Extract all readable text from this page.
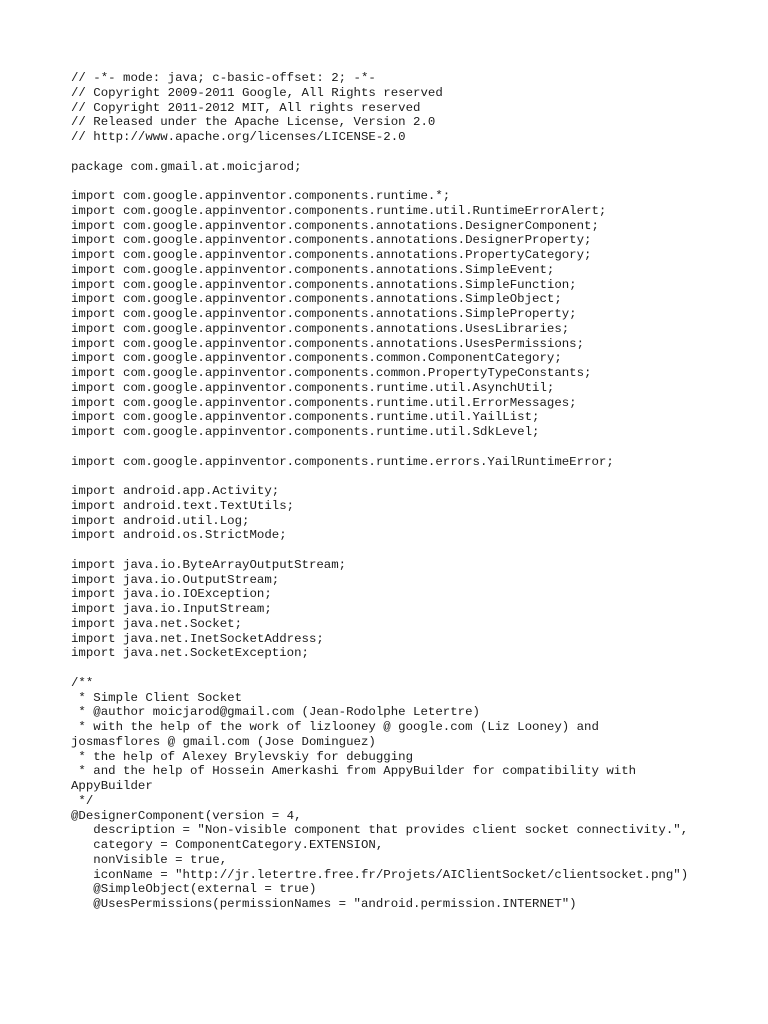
// -*- mode: java; c-basic-offset: 2; -*-
// Copyright 2009-2011 Google, All Rights reserved
// Copyright 2011-2012 MIT, All rights reserved
// Released under the Apache License, Version 2.0
// http://www.apache.org/licenses/LICENSE-2.0
package com.gmail.at.moicjarod;
import com.google.appinventor.components.runtime.*;
import com.google.appinventor.components.runtime.util.RuntimeErrorAlert;
import com.google.appinventor.components.annotations.DesignerComponent;
import com.google.appinventor.components.annotations.DesignerProperty;
import com.google.appinventor.components.annotations.PropertyCategory;
import com.google.appinventor.components.annotations.SimpleEvent;
import com.google.appinventor.components.annotations.SimpleFunction;
import com.google.appinventor.components.annotations.SimpleObject;
import com.google.appinventor.components.annotations.SimpleProperty;
import com.google.appinventor.components.annotations.UsesLibraries;
import com.google.appinventor.components.annotations.UsesPermissions;
import com.google.appinventor.components.common.ComponentCategory;
import com.google.appinventor.components.common.PropertyTypeConstants;
import com.google.appinventor.components.runtime.util.AsynchUtil;
import com.google.appinventor.components.runtime.util.ErrorMessages;
import com.google.appinventor.components.runtime.util.YailList;
import com.google.appinventor.components.runtime.util.SdkLevel;
import com.google.appinventor.components.runtime.errors.YailRuntimeError;
import android.app.Activity;
import android.text.TextUtils;
import android.util.Log;
import android.os.StrictMode;
import java.io.ByteArrayOutputStream;
import java.io.OutputStream;
import java.io.IOException;
import java.io.InputStream;
import java.net.Socket;
import java.net.InetSocketAddress;
import java.net.SocketException;
/**
* Simple Client Socket
* @author moicjarod@gmail.com (Jean-Rodolphe Letertre)
* with the help of the work of lizlooney @ google.com (Liz Looney) and
josmasflores @ gmail.com (Jose Dominguez)
* the help of Alexey Brylevskiy for debugging
* and the help of Hossein Amerkashi from AppyBuilder for compatibility with
AppyBuilder
*/
@DesignerComponent(version = 4,
description = "Non-visible component that provides client socket connectivity.",
category = ComponentCategory.EXTENSION,
nonVisible = true,
iconName = "http://jr.letertre.free.fr/Projets/AIClientSocket/clientsocket.png")
@SimpleObject(external = true)
@UsesPermissions(permissionNames = "android.permission.INTERNET")
